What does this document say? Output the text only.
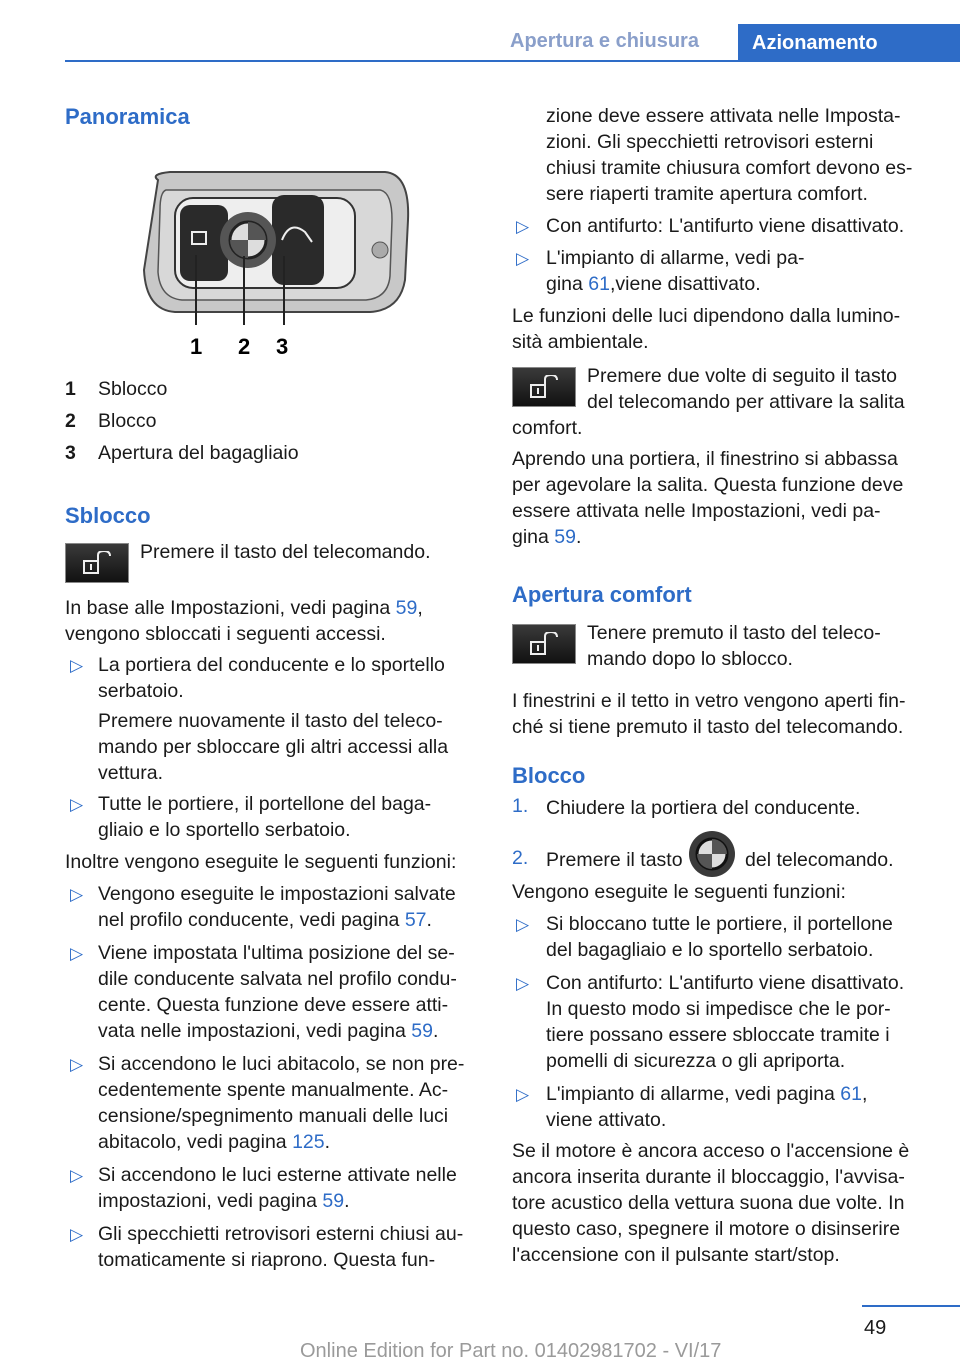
Apertura e chiusura	Azionamento
Panoramica
1 2 3
1 Sblocco
2 Blocco
3 Apertura del bagagliaio
Sblocco
Premere il tasto del telecomando.
In base alle Impostazioni, vedi pagina 59,
vengono sbloccati i seguenti accessi.
▷ La portiera del conducente e lo sportello
serbatoio.
Premere nuovamente il tasto del teleco-
mando per sbloccare gli altri accessi alla
vettura.
▷ Tutte le portiere, il portellone del baga-
gliaio e lo sportello serbatoio.
Inoltre vengono eseguite le seguenti funzioni:
▷ Vengono eseguite le impostazioni salvate
nel profilo conducente, vedi pagina 57.
▷ Viene impostata l'ultima posizione del se-
dile conducente salvata nel profilo condu-
cente. Questa funzione deve essere atti-
vata nelle impostazioni, vedi pagina 59.
▷ Si accendono le luci abitacolo, se non pre-
cedentemente spente manualmente. Ac-
censione/spegnimento manuali delle luci
abitacolo, vedi pagina 125.
▷ Si accendono le luci esterne attivate nelle
impostazioni, vedi pagina 59.
▷ Gli specchietti retrovisori esterni chiusi au-
tomaticamente si riaprono. Questa fun-
zione deve essere attivata nelle Imposta-
zioni. Gli specchietti retrovisori esterni
chiusi tramite chiusura comfort devono es-
sere riaperti tramite apertura comfort.
▷ Con antifurto: L'antifurto viene disattivato.
▷ L'impianto di allarme, vedi pa-
gina 61,viene disattivato.
Le funzioni delle luci dipendono dalla lumino-
sità ambientale.
Premere due volte di seguito il tasto
del telecomando per attivare la salita
comfort.
Aprendo una portiera, il finestrino si abbassa
per agevolare la salita. Questa funzione deve
essere attivata nelle Impostazioni, vedi pa-
gina 59.
Apertura comfort
Tenere premuto il tasto del teleco-
mando dopo lo sblocco.
I finestrini e il tetto in vetro vengono aperti fin-
ché si tiene premuto il tasto del telecomando.
Blocco
1. Chiudere la portiera del conducente.
2. Premere il tasto	del telecomando.
Vengono eseguite le seguenti funzioni:
▷ Si bloccano tutte le portiere, il portellone
del bagagliaio e lo sportello serbatoio.
▷ Con antifurto: L'antifurto viene disattivato.
In questo modo si impedisce che le por-
tiere possano essere sbloccate tramite i
pomelli di sicurezza o gli apriporta.
▷ L'impianto di allarme, vedi pagina 61,
viene attivato.
Se il motore è ancora acceso o l'accensione è
ancora inserita durante il bloccaggio, l'avvisa-
tore acustico della vettura suona due volte. In
questo caso, spegnere il motore o disinserire
l'accensione con il pulsante start/stop.
49
Online Edition for Part no. 01402981702 - VI/17
